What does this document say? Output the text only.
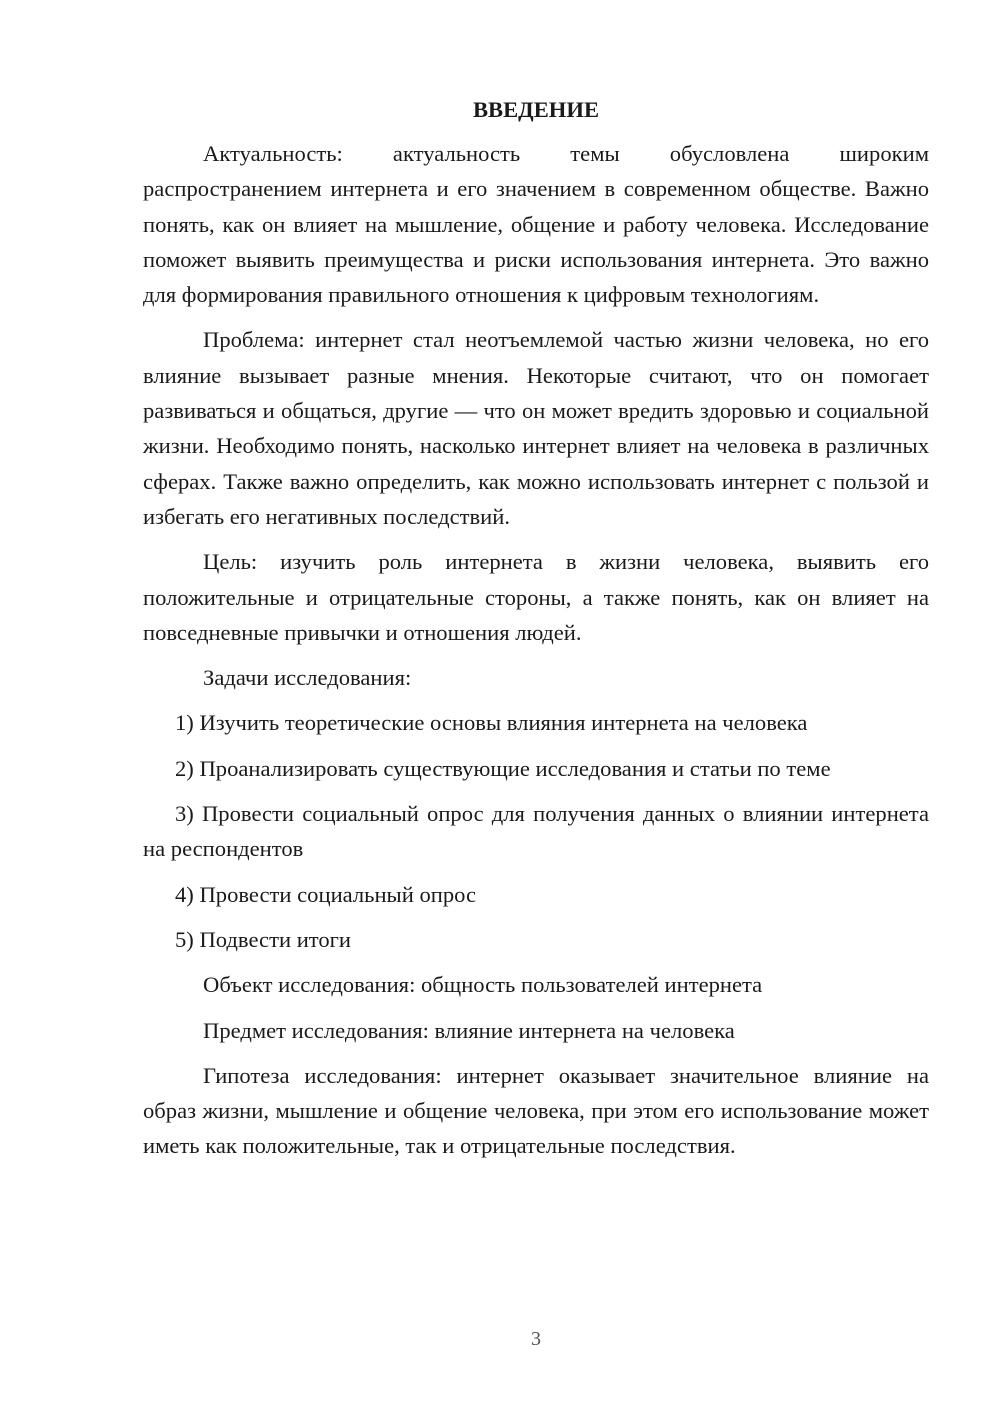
ВВЕДЕНИЕ

Актуальность: актуальность темы обусловлена широким распространением интернета и его значением в современном обществе. Важно понять, как он влияет на мышление, общение и работу человека. Исследование поможет выявить преимущества и риски использования интернета. Это важно для формирования правильного отношения к цифровым технологиям.

Проблема: интернет стал неотъемлемой частью жизни человека, но его влияние вызывает разные мнения. Некоторые считают, что он помогает развиваться и общаться, другие — что он может вредить здоровью и социальной жизни. Необходимо понять, насколько интернет влияет на человека в различных сферах. Также важно определить, как можно использовать интернет с пользой и избегать его негативных последствий.

Цель: изучить роль интернета в жизни человека, выявить его положительные и отрицательные стороны, а также понять, как он влияет на повседневные привычки и отношения людей.

Задачи исследования:

1) Изучить теоретические основы влияния интернета на человека

2) Проанализировать существующие исследования и статьи по теме

3) Провести социальный опрос для получения данных о влиянии интернета на респондентов

4) Провести социальный опрос

5) Подвести итоги

Объект исследования: общность пользователей интернета

Предмет исследования: влияние интернета на человека

Гипотеза исследования: интернет оказывает значительное влияние на образ жизни, мышление и общение человека, при этом его использование может иметь как положительные, так и отрицательные последствия.

3
